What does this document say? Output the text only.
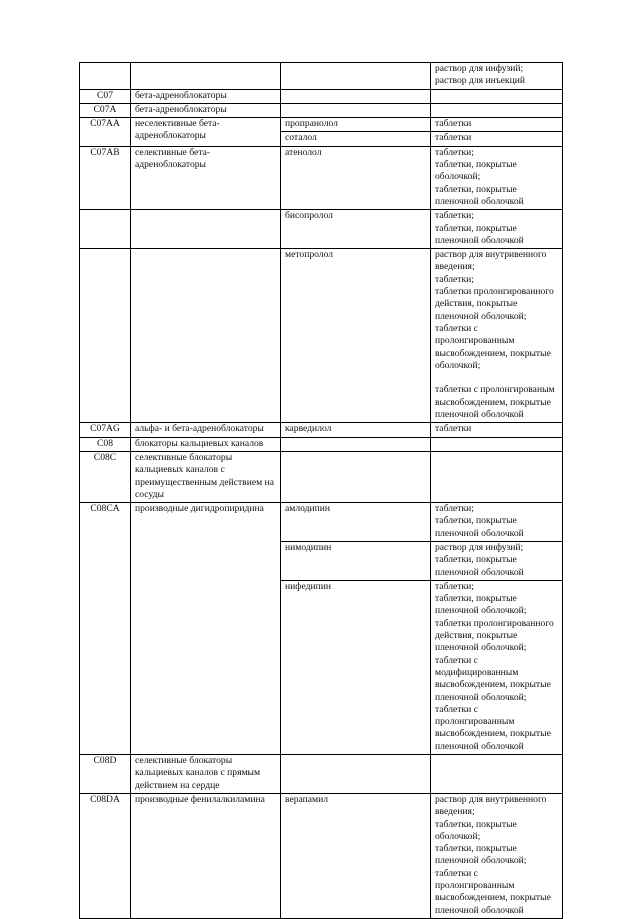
			раствор для инфузий;
раствор для инъекций

C07	бета-адреноблокаторы		
C07A	бета-адреноблокаторы		
C07AA	неселективные бета-адреноблокаторы	пропранолол	таблетки

		соталол	таблетки

C07AB	селективные бета-адреноблокаторы	атенолол	таблетки;
таблетки, покрытые оболочкой;
таблетки, покрытые пленочной оболочкой

		бисопролол	таблетки;
таблетки, покрытые пленочной оболочкой

		метопролол	раствор для внутривенного введения;
таблетки;
таблетки пролонгированного действия, покрытые пленочной оболочкой;
таблетки с пролонгированным высвобождением, покрытые оболочкой;
таблетки с пролонгированым высвобождением, покрытые пленочной оболочкой

C07AG	альфа- и бета-адреноблокаторы	карведилол	таблетки

C08	блокаторы кальциевых каналов		
C08C	селективные блокаторы кальциевых каналов с преимущественным действием на сосуды		
C08CA	производные дигидропиридина	амлодипин	таблетки;
таблетки, покрытые пленочной оболочкой

		нимодипин	раствор для инфузий;
таблетки, покрытые пленочной оболочкой

		нифедипин	таблетки;
таблетки, покрытые пленочной оболочкой; таблетки пролонгированного действия, покрытые пленочной оболочкой;
таблетки с модифицированным высвобождением, покрытые пленочной оболочкой;
таблетки с пролонгированным высвобождением, покрытые пленочной оболочкой

C08D	селективные блокаторы кальциевых каналов с прямым действием на сердце		
C08DA	производные фенилалкиламина	верапамил	раствор для внутривенного введения;
таблетки, покрытые оболочкой;
таблетки, покрытые пленочной оболочкой;
таблетки с пролонгированным высвобождением, покрытые пленочной оболочкой
